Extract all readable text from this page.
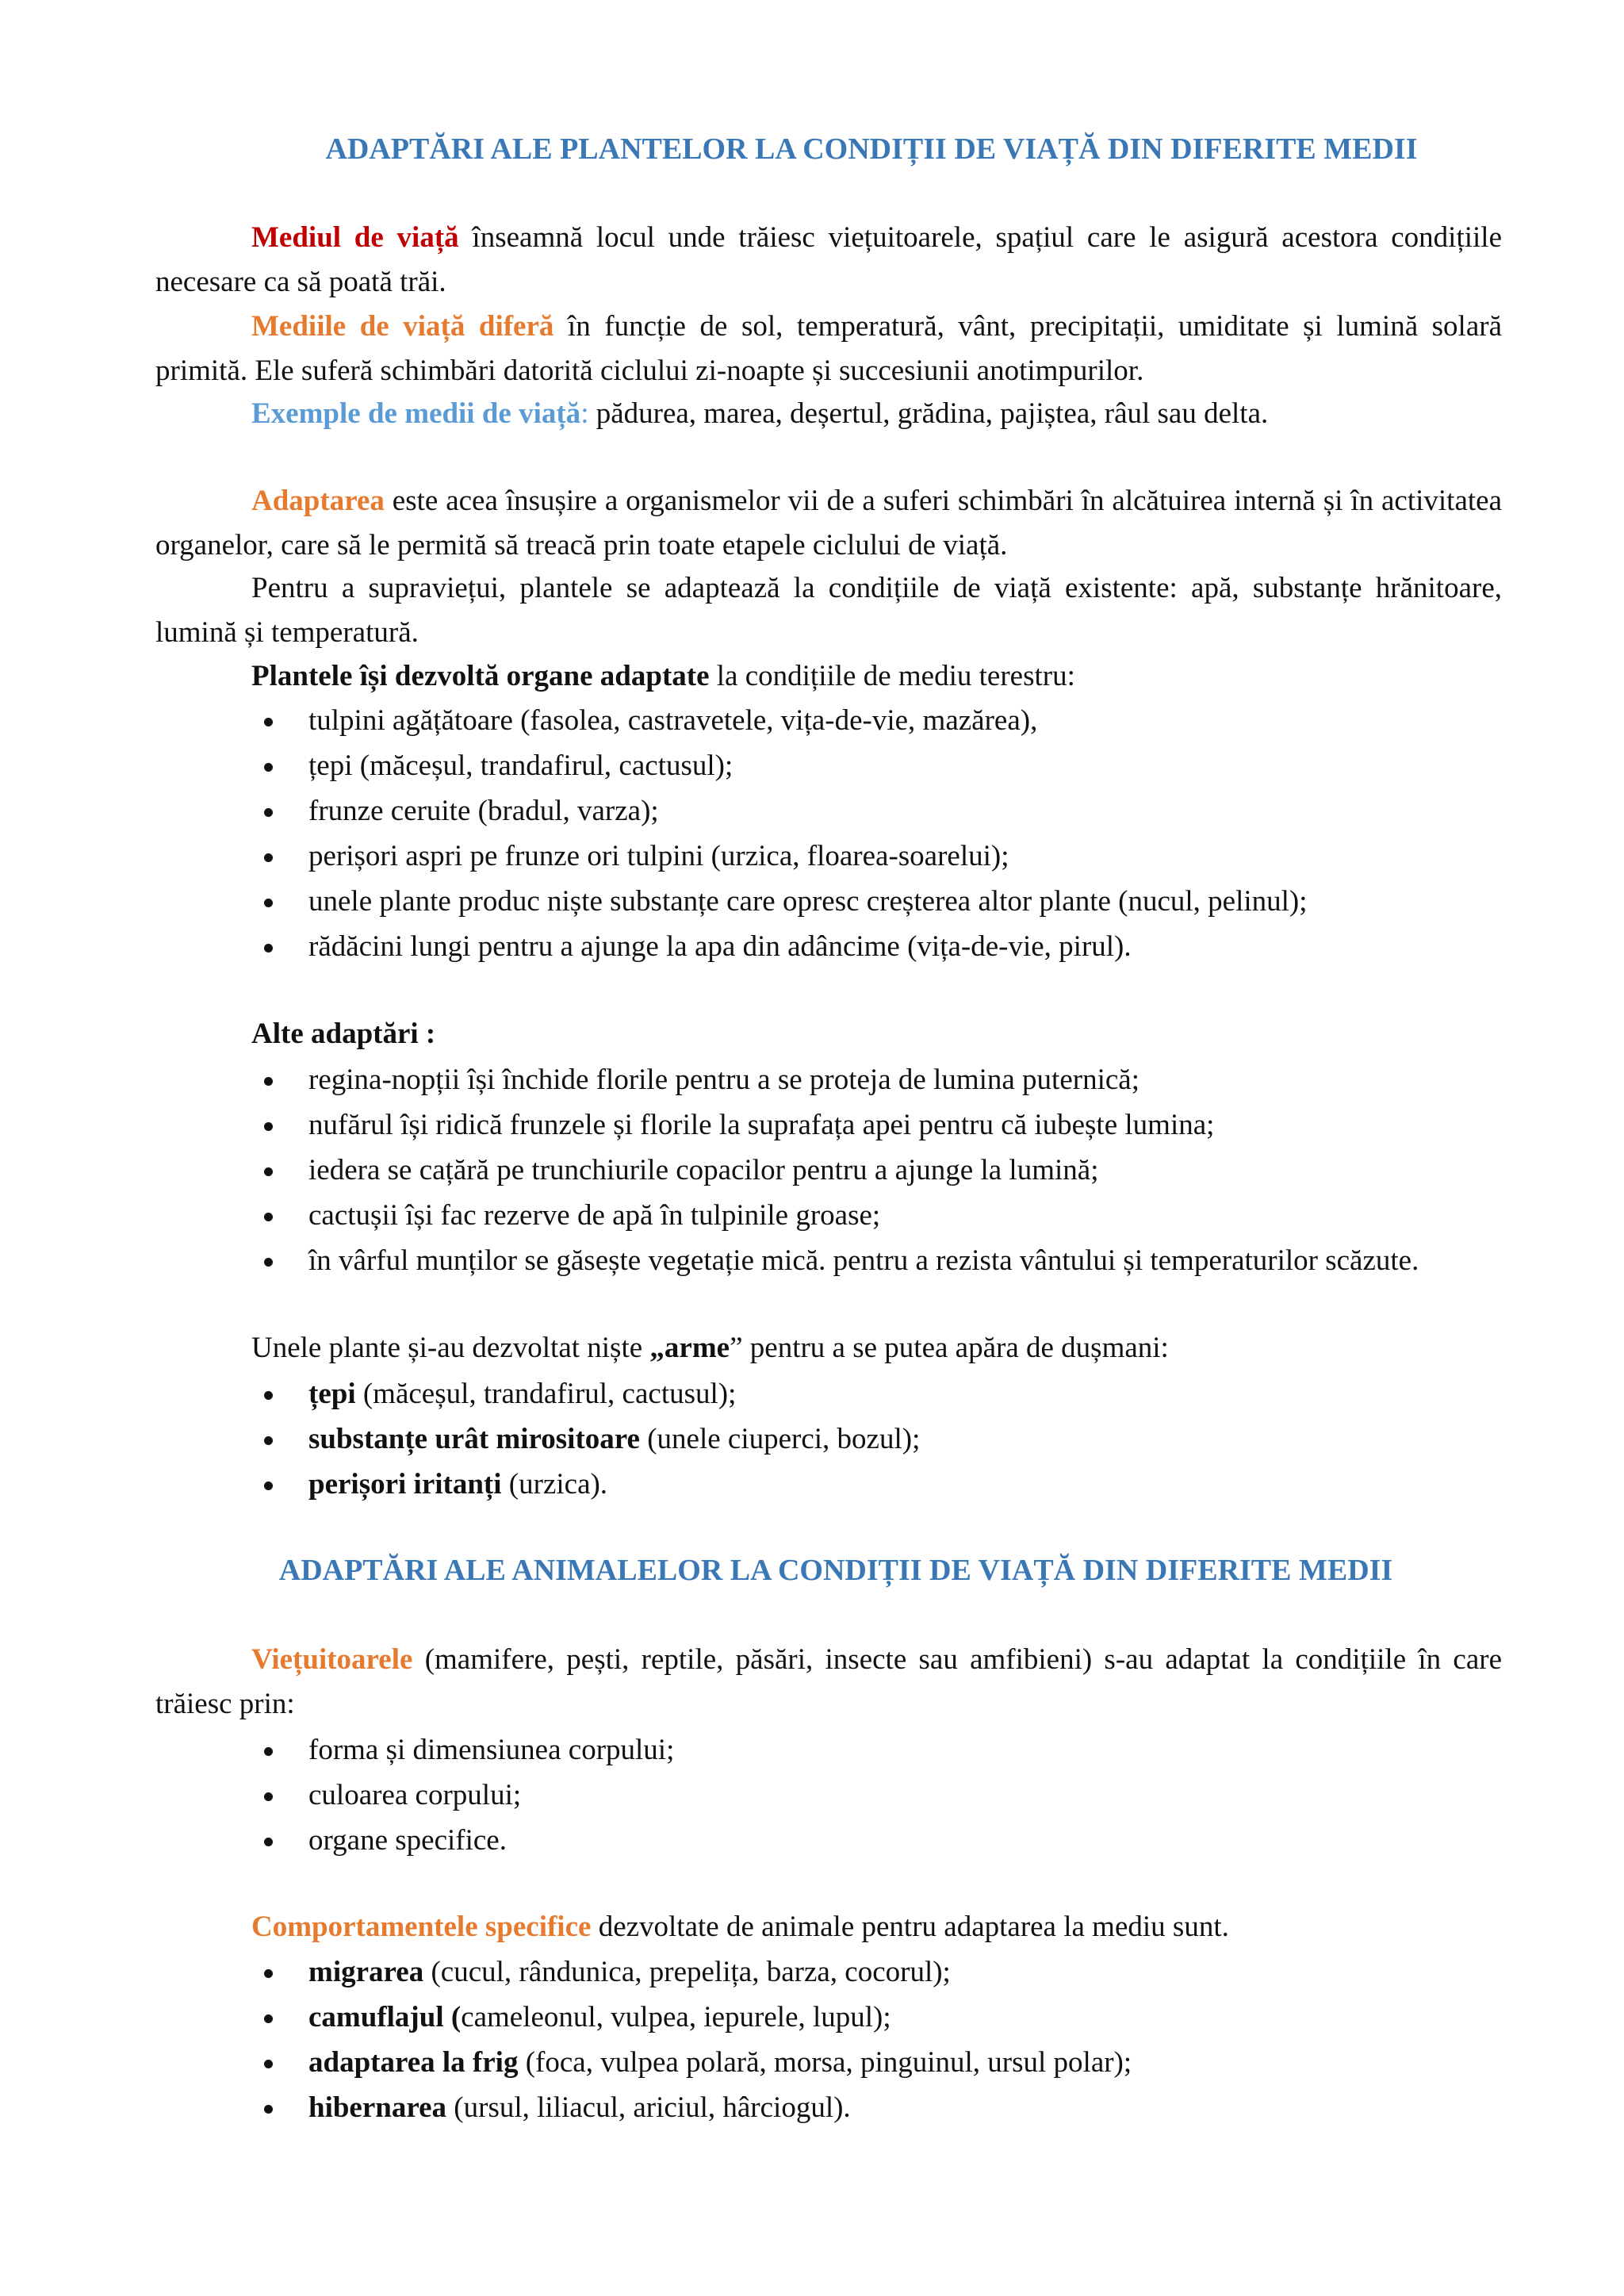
ADAPTĂRI ALE PLANTELOR LA CONDIȚII DE VIAȚĂ DIN DIFERITE MEDII

Mediul de viață înseamnă locul unde trăiesc viețuitoarele, spațiul care le asigură acestora condițiile necesare ca să poată trăi.

Mediile de viață diferă în funcție de sol, temperatură, vânt, precipitații, umiditate și lumină solară primită. Ele suferă schimbări datorită ciclului zi-noapte și succesiunii anotimpurilor.

Exemple de medii de viață: pădurea, marea, deșertul, grădina, pajiștea, râul sau delta.

Adaptarea este acea însușire a organismelor vii de a suferi schimbări în alcătuirea internă și în activitatea organelor, care să le permită să treacă prin toate etapele ciclului de viață.

Pentru a supraviețui, plantele se adaptează la condițiile de viață existente: apă, substanțe hrănitoare, lumină și temperatură.

Plantele își dezvoltă organe adaptate la condițiile de mediu terestru:

tulpini agățătoare (fasolea, castravetele, vița-de-vie, mazărea),
țepi (măceșul, trandafirul, cactusul);
frunze ceruite (bradul, varza);
perișori aspri pe frunze ori tulpini (urzica, floarea-soarelui);
unele plante produc niște substanțe care opresc creșterea altor plante (nucul, pelinul);
rădăcini lungi pentru a ajunge la apa din adâncime (vița-de-vie, pirul).

Alte adaptări :

regina-nopții își închide florile pentru a se proteja de lumina puternică;
nufărul își ridică frunzele și florile la suprafața apei pentru că iubește lumina;
iedera se cațără pe trunchiurile copacilor pentru a ajunge la lumină;
cactușii își fac rezerve de apă în tulpinile groase;
în vârful munților se găsește vegetație mică. pentru a rezista vântului și temperaturilor scăzute.

Unele plante și-au dezvoltat niște „arme” pentru a se putea apăra de dușmani:

țepi (măceșul, trandafirul, cactusul);
substanțe urât mirositoare (unele ciuperci, bozul);
perișori iritanți (urzica).
ADAPTĂRI ALE ANIMALELOR LA CONDIȚII DE VIAȚĂ DIN DIFERITE MEDII

Viețuitoarele (mamifere, pești, reptile, păsări, insecte sau amfibieni) s-au adaptat la condițiile în care trăiesc prin:

forma și dimensiunea corpului;
culoarea corpului;
organe specifice.

Comportamentele specifice dezvoltate de animale pentru adaptarea la mediu sunt.

migrarea (cucul, rândunica, prepelița, barza, cocorul);
camuflajul (cameleonul, vulpea, iepurele, lupul);
adaptarea la frig (foca, vulpea polară, morsa, pinguinul, ursul polar);
hibernarea (ursul, liliacul, ariciul, hârciogul).
